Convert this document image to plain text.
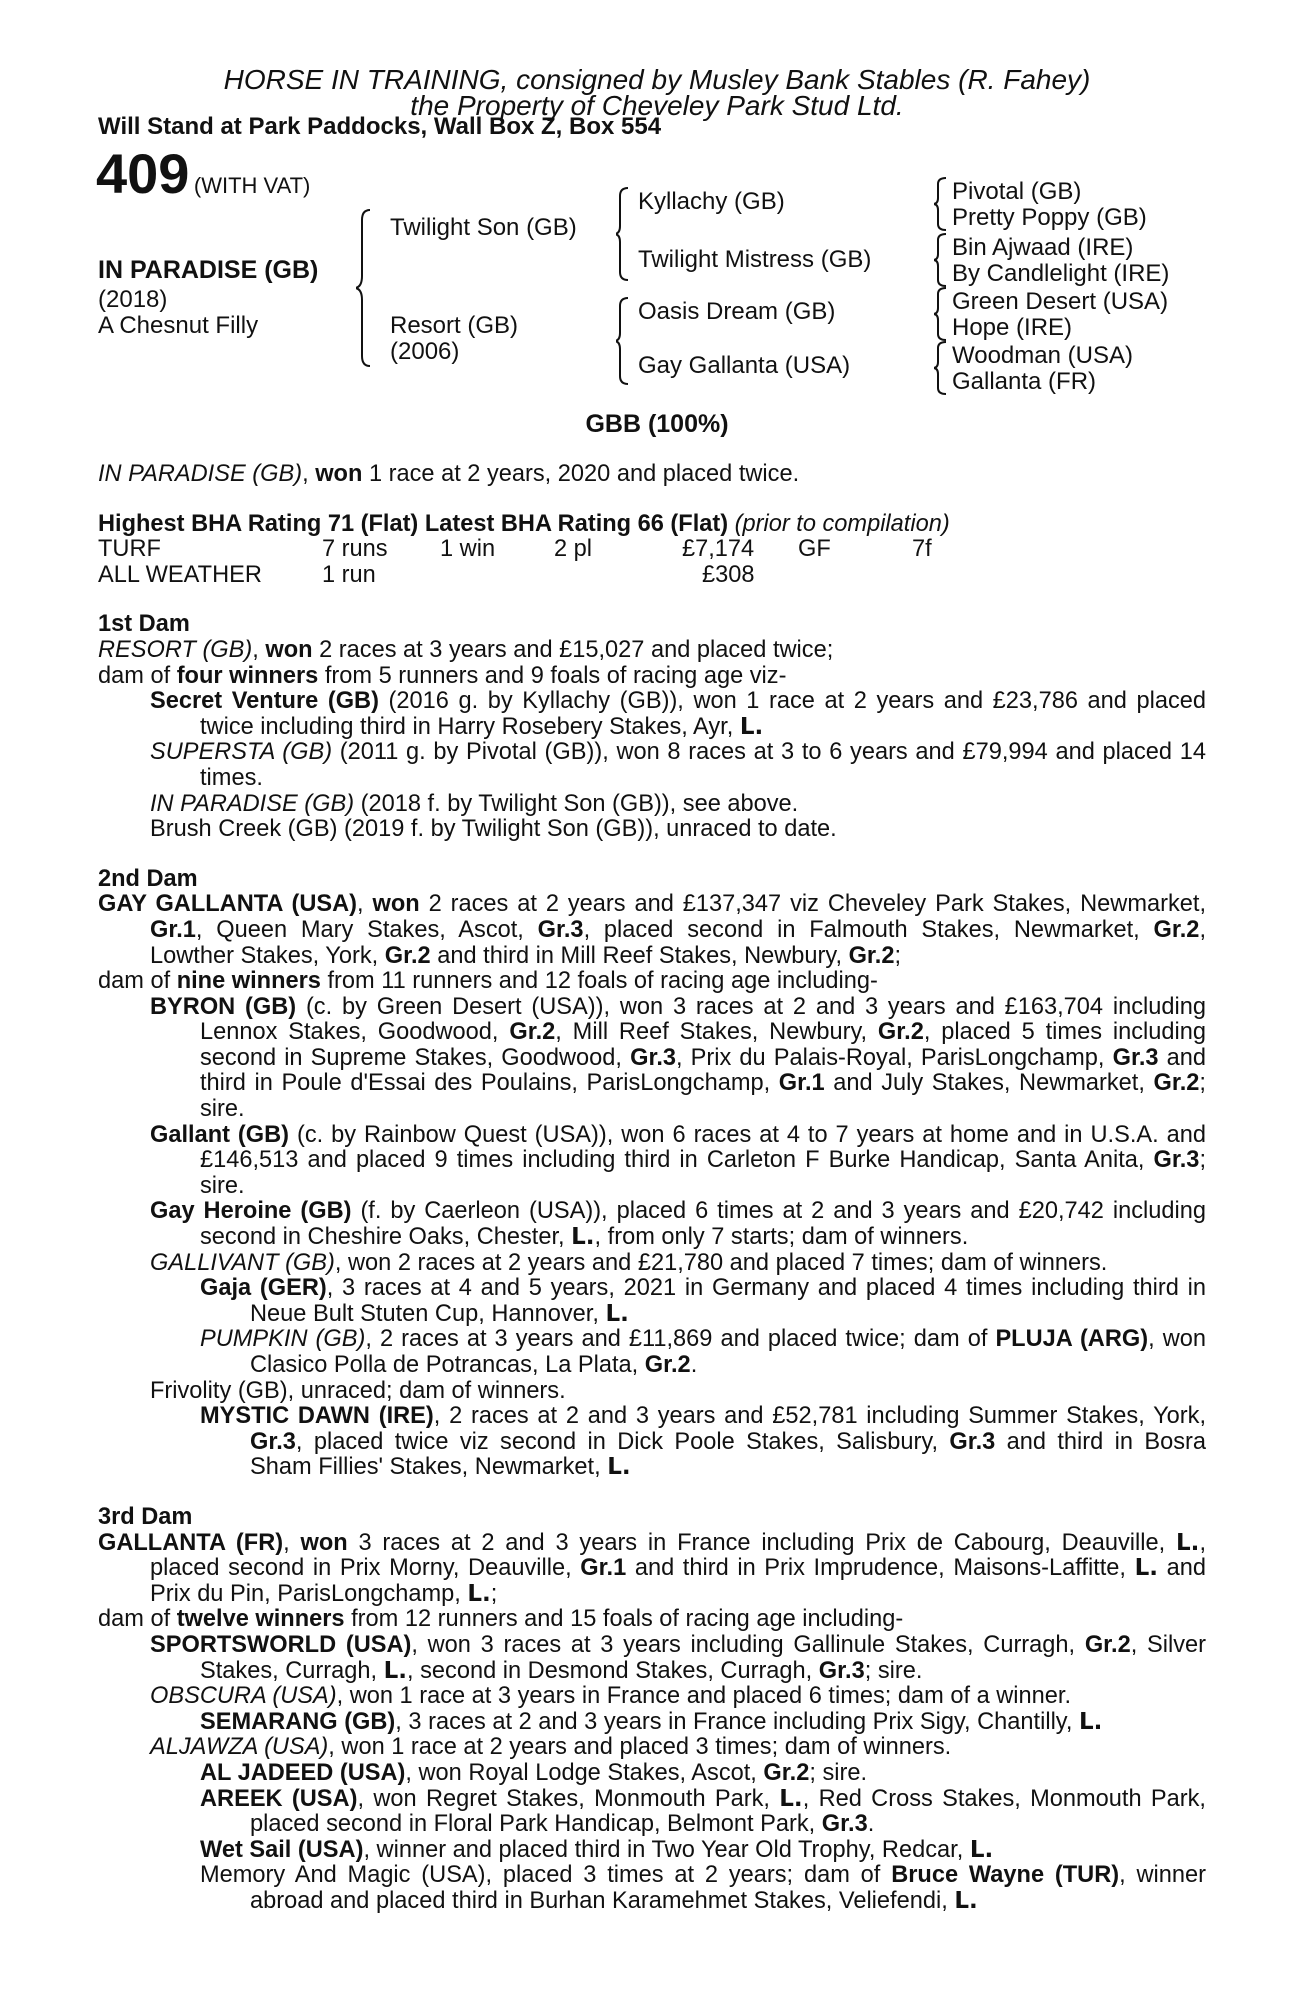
HORSE IN TRAINING, consigned by Musley Bank Stables (R. Fahey)
the Property of Cheveley Park Stud Ltd.
Will Stand at Park Paddocks, Wall Box Z, Box 554
409 (WITH VAT)
IN PARADISE (GB)
(2018)
A Chesnut Filly
Twilight Son (GB)
Resort (GB)
(2006)
Kyllachy (GB)
Twilight Mistress (GB)
Oasis Dream (GB)
Gay Gallanta (USA)
Pivotal (GB)
Pretty Poppy (GB)
Bin Ajwaad (IRE)
By Candlelight (IRE)
Green Desert (USA)
Hope (IRE)
Woodman (USA)
Gallanta (FR)
GBB (100%)

IN PARADISE (GB), won 1 race at 2 years, 2020 and placed twice.

Highest BHA Rating 71 (Flat) Latest BHA Rating 66 (Flat) (prior to compilation)

TURF	7 runs 1 win 2 pl	£7,174 GF	7f
ALL WEATHER	1 run	£308

1st Dam

RESORT (GB), won 2 races at 3 years and £15,027 and placed twice;

dam of four winners from 5 runners and 9 foals of racing age viz-

Secret Venture (GB) (2016 g. by Kyllachy (GB)), won 1 race at 2 years and £23,786 and placed twice including third in Harry Rosebery Stakes, Ayr, L.

SUPERSTA (GB) (2011 g. by Pivotal (GB)), won 8 races at 3 to 6 years and £79,994 and placed 14 times.

IN PARADISE (GB) (2018 f. by Twilight Son (GB)), see above.

Brush Creek (GB) (2019 f. by Twilight Son (GB)), unraced to date.

2nd Dam

GAY GALLANTA (USA), won 2 races at 2 years and £137,347 viz Cheveley Park Stakes, Newmarket, Gr.1, Queen Mary Stakes, Ascot, Gr.3, placed second in Falmouth Stakes, Newmarket, Gr.2, Lowther Stakes, York, Gr.2 and third in Mill Reef Stakes, Newbury, Gr.2;

dam of nine winners from 11 runners and 12 foals of racing age including-

BYRON (GB) (c. by Green Desert (USA)), won 3 races at 2 and 3 years and £163,704 including Lennox Stakes, Goodwood, Gr.2, Mill Reef Stakes, Newbury, Gr.2, placed 5 times including second in Supreme Stakes, Goodwood, Gr.3, Prix du Palais-Royal, ParisLongchamp, Gr.3 and third in Poule d'Essai des Poulains, ParisLongchamp, Gr.1 and July Stakes, Newmarket, Gr.2; sire.

Gallant (GB) (c. by Rainbow Quest (USA)), won 6 races at 4 to 7 years at home and in U.S.A. and £146,513 and placed 9 times including third in Carleton F Burke Handicap, Santa Anita, Gr.3; sire.

Gay Heroine (GB) (f. by Caerleon (USA)), placed 6 times at 2 and 3 years and £20,742 including second in Cheshire Oaks, Chester, L., from only 7 starts; dam of winners.

GALLIVANT (GB), won 2 races at 2 years and £21,780 and placed 7 times; dam of winners.

Gaja (GER), 3 races at 4 and 5 years, 2021 in Germany and placed 4 times including third in Neue Bult Stuten Cup, Hannover, L.

PUMPKIN (GB), 2 races at 3 years and £11,869 and placed twice; dam of PLUJA (ARG), won Clasico Polla de Potrancas, La Plata, Gr.2.

Frivolity (GB), unraced; dam of winners.

MYSTIC DAWN (IRE), 2 races at 2 and 3 years and £52,781 including Summer Stakes, York, Gr.3, placed twice viz second in Dick Poole Stakes, Salisbury, Gr.3 and third in Bosra Sham Fillies' Stakes, Newmarket, L.

3rd Dam

GALLANTA (FR), won 3 races at 2 and 3 years in France including Prix de Cabourg, Deauville, L., placed second in Prix Morny, Deauville, Gr.1 and third in Prix Imprudence, Maisons-Laffitte, L. and Prix du Pin, ParisLongchamp, L.;

dam of twelve winners from 12 runners and 15 foals of racing age including-

SPORTSWORLD (USA), won 3 races at 3 years including Gallinule Stakes, Curragh, Gr.2, Silver Stakes, Curragh, L., second in Desmond Stakes, Curragh, Gr.3; sire.

OBSCURA (USA), won 1 race at 3 years in France and placed 6 times; dam of a winner.

SEMARANG (GB), 3 races at 2 and 3 years in France including Prix Sigy, Chantilly, L.

ALJAWZA (USA), won 1 race at 2 years and placed 3 times; dam of winners.

AL JADEED (USA), won Royal Lodge Stakes, Ascot, Gr.2; sire.

AREEK (USA), won Regret Stakes, Monmouth Park, L., Red Cross Stakes, Monmouth Park, placed second in Floral Park Handicap, Belmont Park, Gr.3.

Wet Sail (USA), winner and placed third in Two Year Old Trophy, Redcar, L.

Memory And Magic (USA), placed 3 times at 2 years; dam of Bruce Wayne (TUR), winner abroad and placed third in Burhan Karamehmet Stakes, Veliefendi, L.
